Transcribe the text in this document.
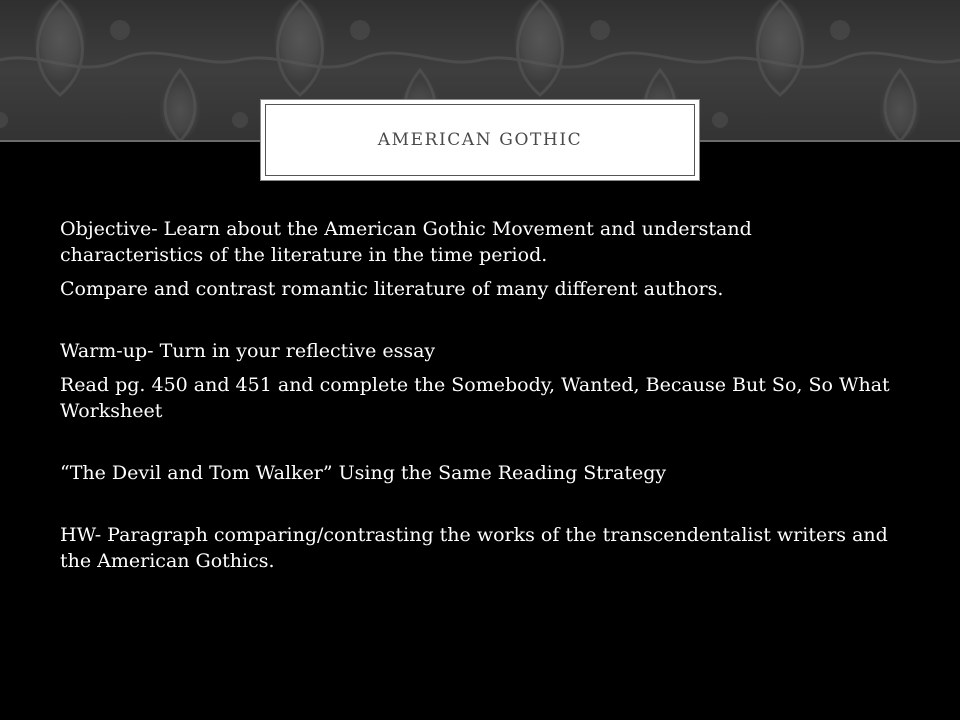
AMERICAN GOTHIC

Objective- Learn about the American Gothic Movement and understand characteristics of the literature in the time period.

Compare and contrast romantic literature of many different authors.

Warm-up- Turn in your reflective essay

Read pg. 450 and 451 and complete the Somebody, Wanted, Because But So, So What Worksheet

“The Devil and Tom Walker” Using the Same Reading Strategy

HW- Paragraph comparing/contrasting the works of the transcendentalist writers and the American Gothics.
